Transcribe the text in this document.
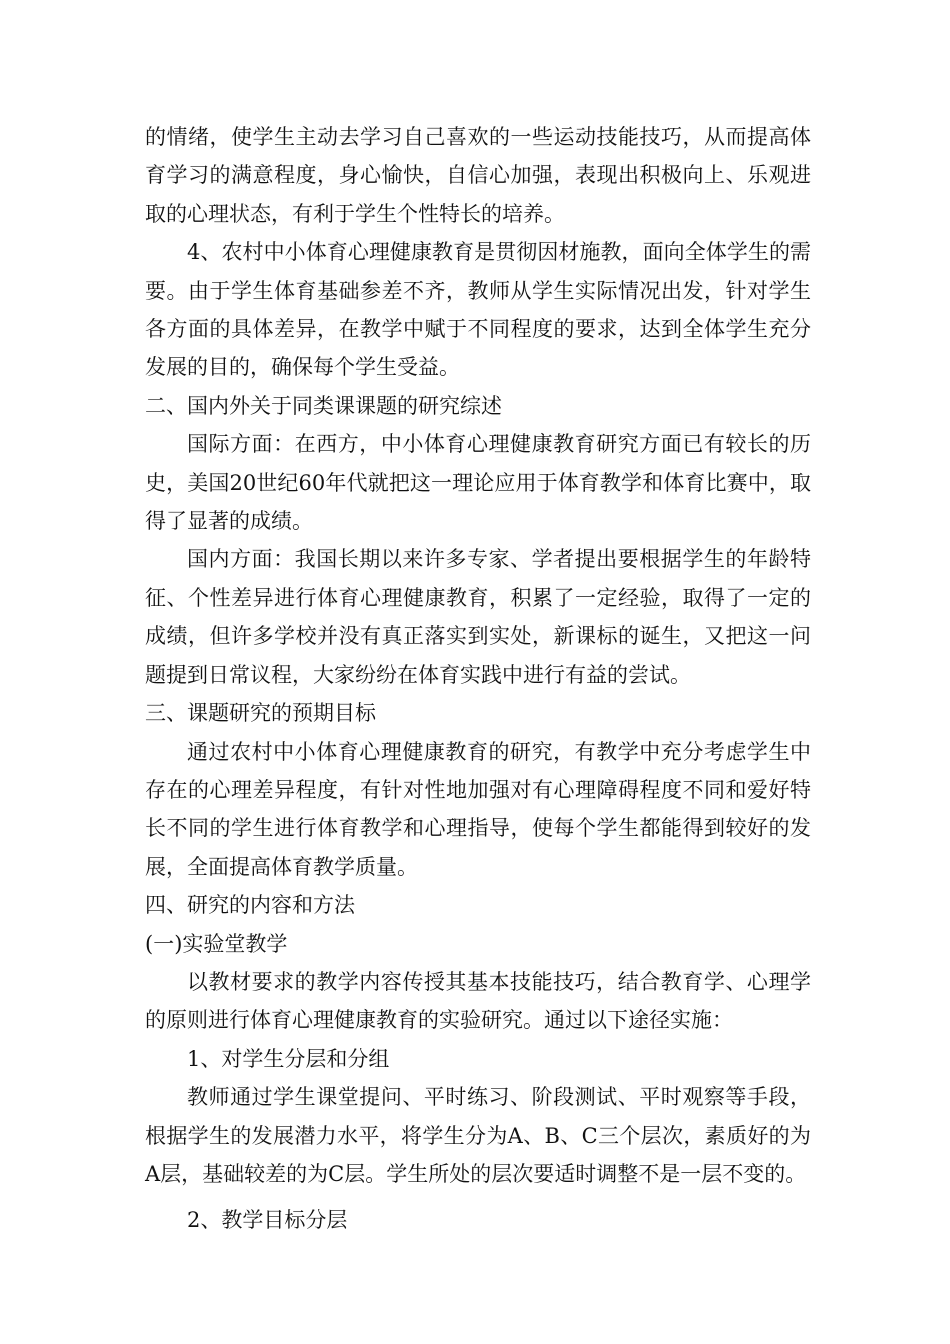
的情绪，使学生主动去学习自己喜欢的一些运动技能技巧，从而提高体育学习的满意程度，身心愉快，自信心加强，表现出积极向上、乐观进取的心理状态，有利于学生个性特长的培养。

4、农村中小体育心理健康教育是贯彻因材施教，面向全体学生的需要。由于学生体育基础参差不齐，教师从学生实际情况出发，针对学生各方面的具体差异，在教学中赋于不同程度的要求，达到全体学生充分发展的目的，确保每个学生受益。

二、国内外关于同类课课题的研究综述

国际方面：在西方，中小体育心理健康教育研究方面已有较长的历史，美国20世纪60年代就把这一理论应用于体育教学和体育比赛中，取得了显著的成绩。

国内方面：我国长期以来许多专家、学者提出要根据学生的年龄特征、个性差异进行体育心理健康教育，积累了一定经验，取得了一定的成绩，但许多学校并没有真正落实到实处，新课标的诞生，又把这一问题提到日常议程，大家纷纷在体育实践中进行有益的尝试。

三、课题研究的预期目标

通过农村中小体育心理健康教育的研究，有教学中充分考虑学生中存在的心理差异程度，有针对性地加强对有心理障碍程度不同和爱好特长不同的学生进行体育教学和心理指导，使每个学生都能得到较好的发展，全面提高体育教学质量。

四、研究的内容和方法

(一)实验堂教学

以教材要求的教学内容传授其基本技能技巧，结合教育学、心理学的原则进行体育心理健康教育的实验研究。通过以下途径实施：

1、对学生分层和分组

教师通过学生课堂提问、平时练习、阶段测试、平时观察等手段，根据学生的发展潜力水平，将学生分为A、B、C三个层次，素质好的为A层，基础较差的为C层。学生所处的层次要适时调整不是一层不变的。

2、教学目标分层
